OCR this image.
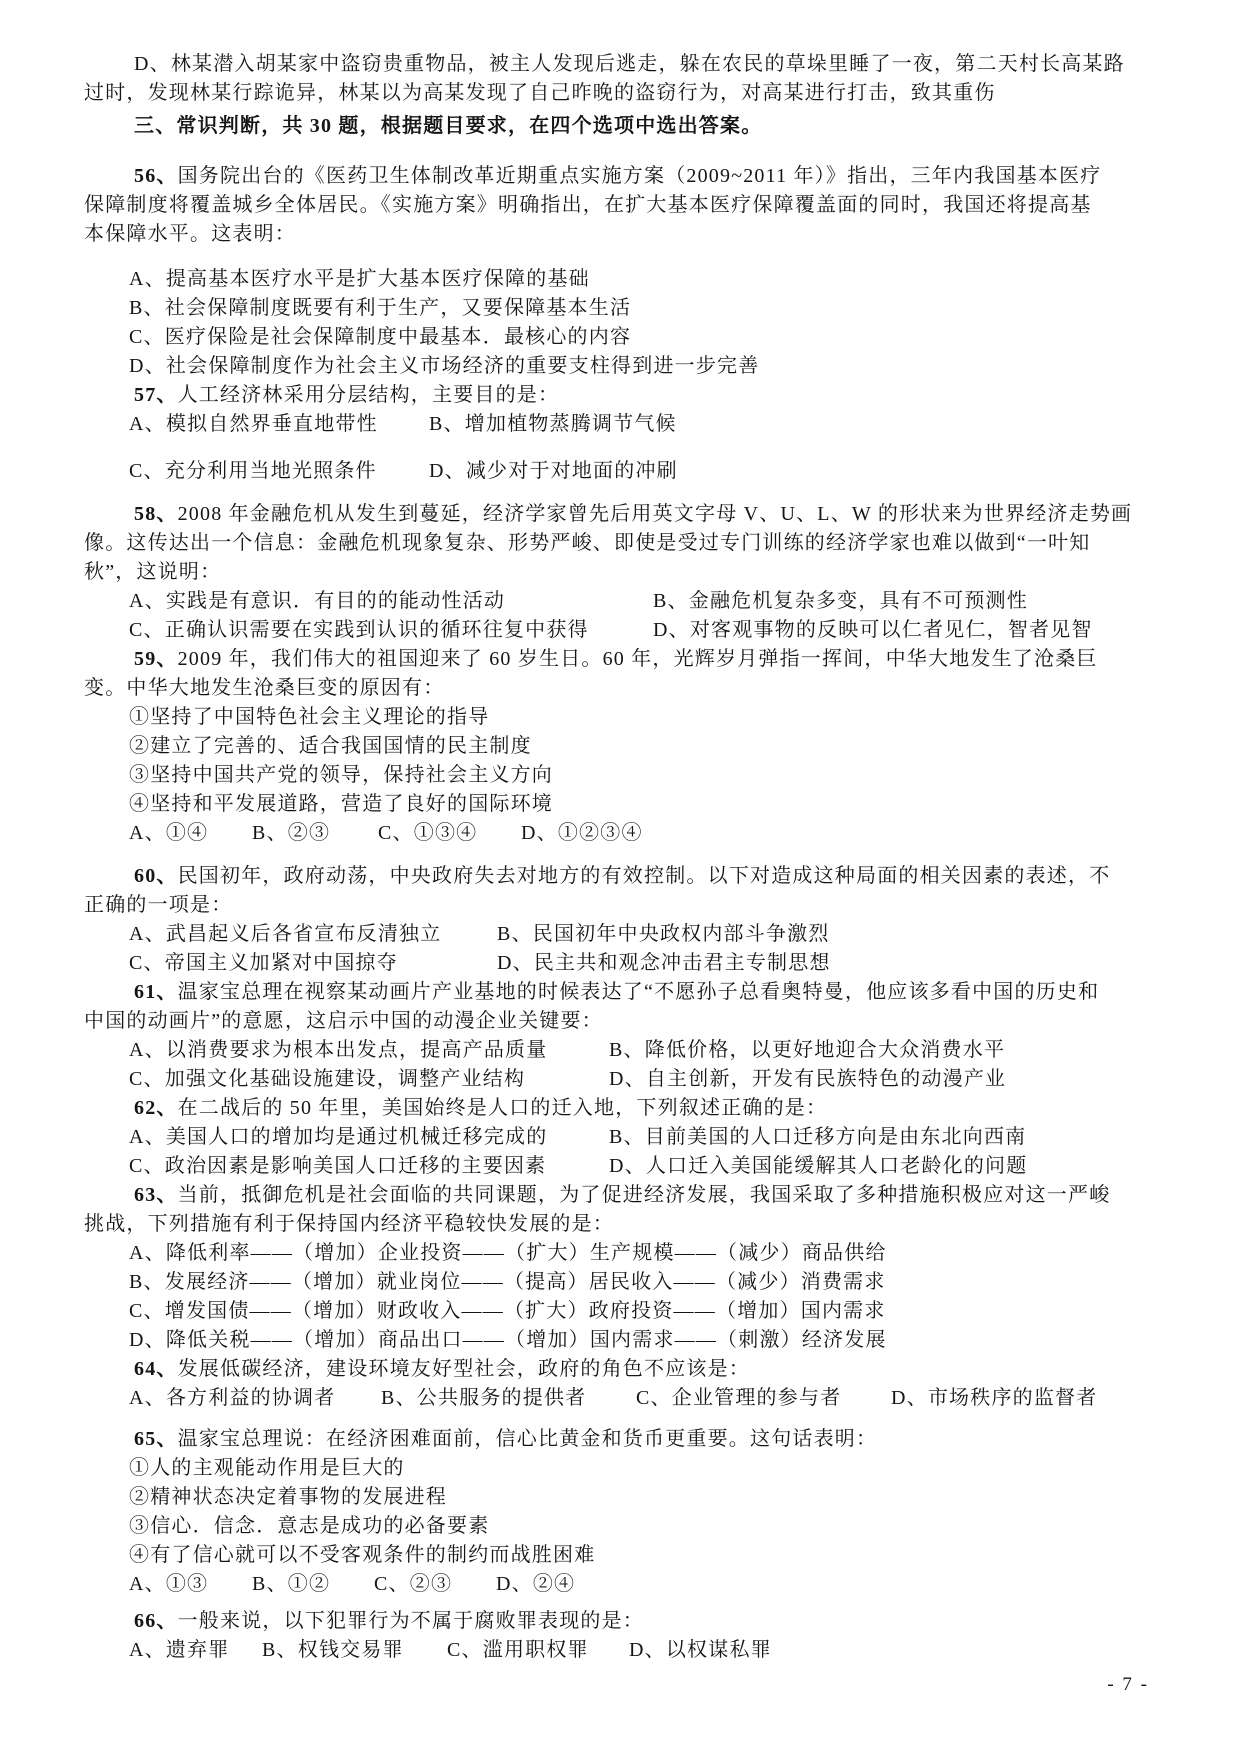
D、林某潜入胡某家中盗窃贵重物品，被主人发现后逃走，躲在农民的草垛里睡了一夜，第二天村长高某路
过时，发现林某行踪诡异，林某以为高某发现了自己昨晚的盗窃行为，对高某进行打击，致其重伤
三、常识判断，共 30 题，根据题目要求，在四个选项中选出答案。
56、国务院出台的《医药卫生体制改革近期重点实施方案（2009~2011 年）》指出，三年内我国基本医疗
保障制度将覆盖城乡全体居民。《实施方案》明确指出，在扩大基本医疗保障覆盖面的同时，我国还将提高基
本保障水平。这表明：
A、提高基本医疗水平是扩大基本医疗保障的基础
B、社会保障制度既要有利于生产，又要保障基本生活
C、医疗保险是社会保障制度中最基本．最核心的内容
D、社会保障制度作为社会主义市场经济的重要支柱得到进一步完善
57、人工经济林采用分层结构，主要目的是：
A、模拟自然界垂直地带性	B、增加植物蒸腾调节气候
C、充分利用当地光照条件	D、减少对于对地面的冲刷
58、2008 年金融危机从发生到蔓延，经济学家曾先后用英文字母 V、U、L、W 的形状来为世界经济走势画
像。这传达出一个信息：金融危机现象复杂、形势严峻、即使是受过专门训练的经济学家也难以做到“一叶知
秋”，这说明：
A、实践是有意识．有目的的能动性活动	B、金融危机复杂多变，具有不可预测性
C、正确认识需要在实践到认识的循环往复中获得	D、对客观事物的反映可以仁者见仁，智者见智
59、2009 年，我们伟大的祖国迎来了 60 岁生日。60 年，光辉岁月弹指一挥间，中华大地发生了沧桑巨
变。中华大地发生沧桑巨变的原因有：
①坚持了中国特色社会主义理论的指导
②建立了完善的、适合我国国情的民主制度
③坚持中国共产党的领导，保持社会主义方向
④坚持和平发展道路，营造了良好的国际环境
A、①④	B、②③	C、①③④	D、①②③④
60、民国初年，政府动荡，中央政府失去对地方的有效控制。以下对造成这种局面的相关因素的表述，不
正确的一项是：
A、武昌起义后各省宣布反清独立	B、民国初年中央政权内部斗争激烈
C、帝国主义加紧对中国掠夺	D、民主共和观念冲击君主专制思想
61、温家宝总理在视察某动画片产业基地的时候表达了“不愿孙子总看奥特曼，他应该多看中国的历史和
中国的动画片”的意愿，这启示中国的动漫企业关键要：
A、以消费要求为根本出发点，提高产品质量	B、降低价格，以更好地迎合大众消费水平
C、加强文化基础设施建设，调整产业结构	D、自主创新，开发有民族特色的动漫产业
62、在二战后的 50 年里，美国始终是人口的迁入地，下列叙述正确的是：
A、美国人口的增加均是通过机械迁移完成的	B、目前美国的人口迁移方向是由东北向西南
C、政治因素是影响美国人口迁移的主要因素	D、人口迁入美国能缓解其人口老龄化的问题
63、当前，抵御危机是社会面临的共同课题，为了促进经济发展，我国采取了多种措施积极应对这一严峻
挑战，下列措施有利于保持国内经济平稳较快发展的是：
A、降低利率——（增加）企业投资——（扩大）生产规模——（减少）商品供给
B、发展经济——（增加）就业岗位——（提高）居民收入——（减少）消费需求
C、增发国债——（增加）财政收入——（扩大）政府投资——（增加）国内需求
D、降低关税——（增加）商品出口——（增加）国内需求——（刺激）经济发展
64、发展低碳经济，建设环境友好型社会，政府的角色不应该是：
A、各方利益的协调者	B、公共服务的提供者	C、企业管理的参与者	D、市场秩序的监督者
65、温家宝总理说：在经济困难面前，信心比黄金和货币更重要。这句话表明：
①人的主观能动作用是巨大的
②精神状态决定着事物的发展进程
③信心．信念．意志是成功的必备要素
④有了信心就可以不受客观条件的制约而战胜困难
A、①③	B、①②	C、②③	D、②④
66、一般来说，以下犯罪行为不属于腐败罪表现的是：
A、遗弃罪	B、权钱交易罪	C、滥用职权罪	D、以权谋私罪
- 7 -
